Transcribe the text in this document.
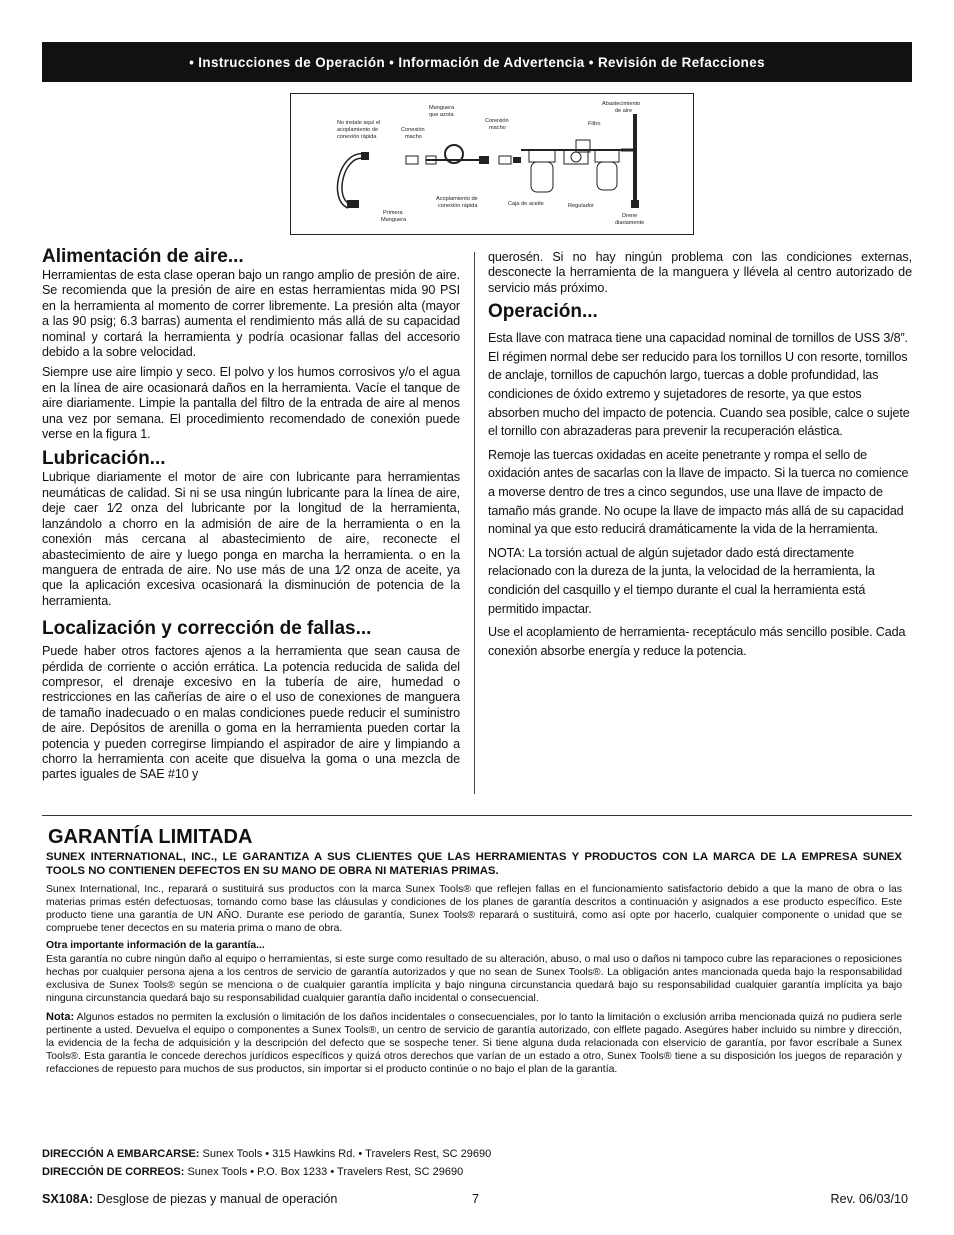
• Instrucciones de Operación • Información de Advertencia • Revisión de Refacciones
No instale aquí el
acoplamiento de
conexión rápida
Primera
Manguera
Conexión
macho
Manguera
que azota
Acoplamiento de
conexión rápida
Conexión
macho
Caja de aceite
Filtro
Regulador
Abastecimiento
de aire
Drene
diariamente
Alimentación de aire...

Herramientas de esta clase operan bajo un rango amplio de presión de aire. Se recomienda que la presión de aire en estas herramientas mida 90 PSI en la herramienta al momento de correr libremente. La presión alta (mayor a las 90 psig; 6.3 barras) aumenta el rendimiento más allá de su capacidad nominal y cortará la herramienta y podría ocasionar fallas del accesorio debido a la sobre velocidad.

Siempre use aire limpio y seco. El polvo y los humos corrosivos y/o el agua en la línea de aire ocasionará daños en la herramienta. Vacíe el tanque de aire diariamente. Limpie la pantalla del filtro de la entrada de aire al menos una vez por semana. El procedimiento recomendado de conexión puede verse en la figura 1.

Lubricación...

Lubrique diariamente el motor de aire con lubricante para herramientas neumáticas de calidad. Si ni se usa ningún lubricante para la línea de aire, deje caer 1⁄2 onza del lubricante por la longitud de la herramienta, lanzándolo a chorro en la admisión de aire de la herramienta o en la conexión más cercana al abastecimiento de aire, reconecte el abastecimiento de aire y luego ponga en marcha la herramienta. o en la manguera de entrada de aire. No use más de una 1⁄2 onza de aceite, ya que la aplicación excesiva ocasionará la disminución de potencia de la herramienta.

Localización y corrección de fallas...

Puede haber otros factores ajenos a la herramienta que sean causa de pérdida de corriente o acción errática. La potencia reducida de salida del compresor, el drenaje excesivo en la tubería de aire, humedad o restricciones en las cañerías de aire o el uso de conexiones de manguera de tamaño inadecuado o en malas condiciones puede reducir el suministro de aire. Depósitos de arenilla o goma en la herramienta pueden cortar la potencia y pueden corregirse limpiando el aspirador de aire y limpiando a chorro la herramienta con aceite que disuelva la goma o una mezcla de partes iguales de SAE #10 y

querosén. Si no hay ningún problema con las condiciones externas, desconecte la herramienta de la manguera y llévela al centro autorizado de servicio más próximo.

Operación...

Esta llave con matraca tiene una capacidad nominal de tornillos de USS 3/8”. El régimen normal debe ser reducido para los tornillos U con resorte, tornillos de anclaje, tornillos de capuchón largo, tuercas a doble profundidad, las condiciones de óxido extremo y sujetadores de resorte, ya que estos absorben mucho del impacto de potencia. Cuando sea posible, calce o sujete el tornillo con abrazaderas para prevenir la recuperación elástica.

Remoje las tuercas oxidadas en aceite penetrante y rompa el sello de oxidación antes de sacarlas con la llave de impacto. Si la tuerca no comience a moverse dentro de tres a cinco segundos, use una llave de impacto de tamaño más grande. No ocupe la llave de impacto más allá de su capacidad nominal ya que esto reducirá dramáticamente la vida de la herramienta.

NOTA: La torsión actual de algún sujetador dado está directamente relacionado con la dureza de la junta, la velocidad de la herramienta, la condición del casquillo y el tiempo durante el cual la herramienta está permitido impactar.

Use el acoplamiento de herramienta- receptáculo más sencillo posible. Cada conexión absorbe energía y reduce la potencia.

GARANTÍA LIMITADA

SUNEX INTERNATIONAL, INC., LE GARANTIZA A SUS CLIENTES QUE LAS HERRAMIENTAS Y PRODUCTOS CON LA MARCA DE LA EMPRESA SUNEX TOOLS NO CONTIENEN DEFECTOS EN SU MANO DE OBRA NI MATERIAS PRIMAS.

Sunex International, Inc., reparará o sustituirá sus productos con la marca Sunex Tools® que reflejen fallas en el funcionamiento satisfactorio debido a que la mano de obra o las materias primas estén defectuosas, tomando como base las cláusulas y condiciones de los planes de garantía descritos a continuación y asignados a ese producto específico. Este producto tiene una garantía de UN AÑO. Durante ese periodo de garantía, Sunex Tools® reparará o sustituirá, como así opte por hacerlo, cualquier componente o unidad que se compruebe tener decectos en su materia prima o mano de obra.

Otra importante información de la garantía...

Esta garantía no cubre ningún daño al equipo o herramientas, si este surge como resultado de su alteración, abuso, o mal uso o daños ni tampoco cubre las reparaciones o reposiciones hechas por cualquier persona ajena a los centros de servicio de garantía autorizados y que no sean de Sunex Tools®. La obligación antes mancionada queda bajo la responsabilidad exclusiva de Sunex Tools® según se menciona o de cualquier garantía implícita y bajo ninguna circunstancia quedará bajo su responsabilidad cualquier garantía implícita ya bajo ninguna circunstancia quedará bajo su responsabilidad cualquier garantía daño incidental o consecuencial.

Nota: Algunos estados no permiten la exclusión o limitación de los daños incidentales o consecuenciales, por lo tanto la limitación o exclusión arriba mencionada quizá no pudiera serle pertinente a usted. Devuelva el equipo o componentes a Sunex Tools®, un centro de servicio de garantía autorizado, con elflete pagado. Asegúres haber incluido su nimbre y dirección, la evidencia de la fecha de adquisición y la descripción del defecto que se sospeche tener. Si tiene alguna duda relacionada con elservicio de garantía, por favor escríbale a Sunex Tools®. Esta garantía le concede derechos jurídicos específicos y quizá otros derechos que varían de un estado a otro, Sunex Tools® tiene a su disposición los juegos de reparación y refacciones de repuesto para muchos de sus productos, sin importar si el producto continúe o no bajo el plan de la garantía.

DIRECCIÓN A EMBARCARSE: Sunex Tools • 315 Hawkins Rd. • Travelers Rest, SC 29690
DIRECCIÓN DE CORREOS: Sunex Tools • P.O. Box 1233 • Travelers Rest, SC 29690
SX108A: Desglose de piezas y manual de operación	7	Rev. 06/03/10
